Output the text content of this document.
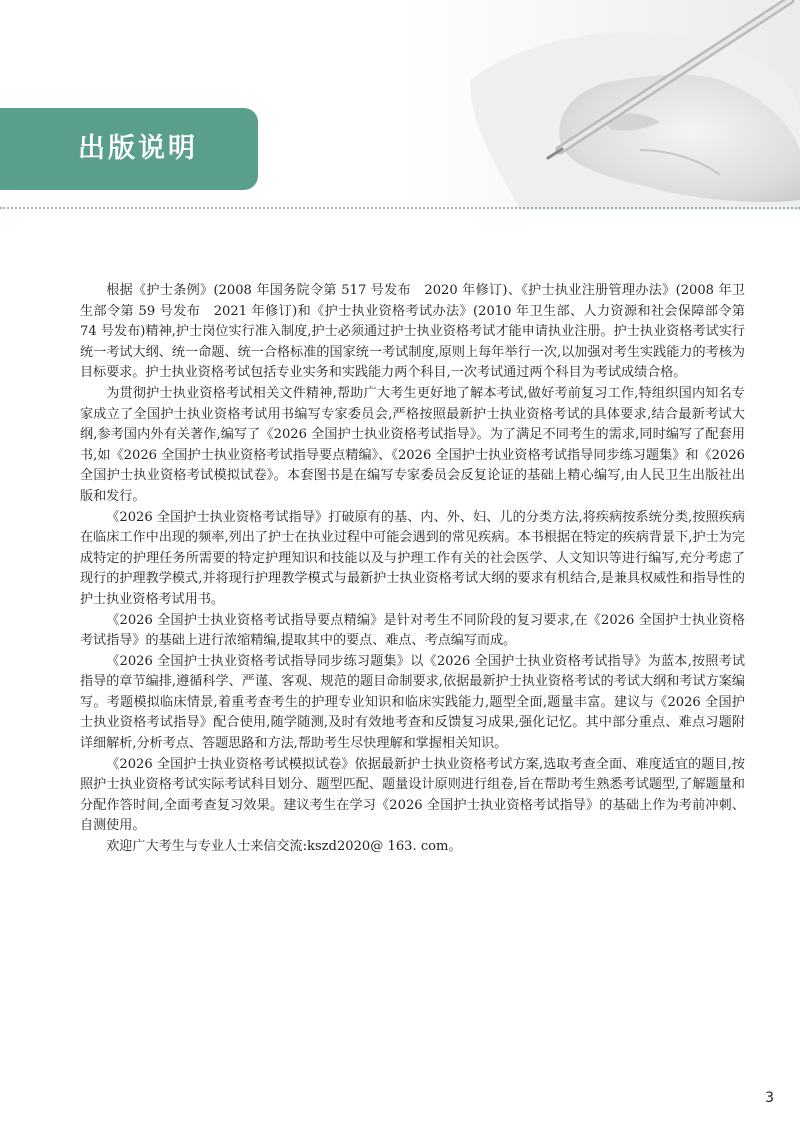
出版说明

根据《护士条例》(2008 年国务院令第 517 号发布　2020 年修订)、《护士执业注册管理办法》(2008 年卫生部令第 59 号发布　2021 年修订)和《护士执业资格考试办法》(2010 年卫生部、人力资源和社会保障部令第 74 号发布)精神,护士岗位实行准入制度,护士必须通过护士执业资格考试才能申请执业注册。护士执业资格考试实行统一考试大纲、统一命题、统一合格标准的国家统一考试制度,原则上每年举行一次,以加强对考生实践能力的考核为目标要求。护士执业资格考试包括专业实务和实践能力两个科目,一次考试通过两个科目为考试成绩合格。

为贯彻护士执业资格考试相关文件精神,帮助广大考生更好地了解本考试,做好考前复习工作,特组织国内知名专家成立了全国护士执业资格考试用书编写专家委员会,严格按照最新护士执业资格考试的具体要求,结合最新考试大纲,参考国内外有关著作,编写了《2026 全国护士执业资格考试指导》。为了满足不同考生的需求,同时编写了配套用书,如《2026 全国护士执业资格考试指导要点精编》、《2026 全国护士执业资格考试指导同步练习题集》和《2026 全国护士执业资格考试模拟试卷》。本套图书是在编写专家委员会反复论证的基础上精心编写,由人民卫生出版社出版和发行。

《2026 全国护士执业资格考试指导》打破原有的基、内、外、妇、儿的分类方法,将疾病按系统分类,按照疾病在临床工作中出现的频率,列出了护士在执业过程中可能会遇到的常见疾病。本书根据在特定的疾病背景下,护士为完成特定的护理任务所需要的特定护理知识和技能以及与护理工作有关的社会医学、人文知识等进行编写,充分考虑了现行的护理教学模式,并将现行护理教学模式与最新护士执业资格考试大纲的要求有机结合,是兼具权威性和指导性的护士执业资格考试用书。

《2026 全国护士执业资格考试指导要点精编》是针对考生不同阶段的复习要求,在《2026 全国护士执业资格考试指导》的基础上进行浓缩精编,提取其中的要点、难点、考点编写而成。

《2026 全国护士执业资格考试指导同步练习题集》以《2026 全国护士执业资格考试指导》为蓝本,按照考试指导的章节编排,遵循科学、严谨、客观、规范的题目命制要求,依据最新护士执业资格考试的考试大纲和考试方案编写。考题模拟临床情景,着重考查考生的护理专业知识和临床实践能力,题型全面,题量丰富。建议与《2026 全国护士执业资格考试指导》配合使用,随学随测,及时有效地考查和反馈复习成果,强化记忆。其中部分重点、难点习题附详细解析,分析考点、答题思路和方法,帮助考生尽快理解和掌握相关知识。

《2026 全国护士执业资格考试模拟试卷》依据最新护士执业资格考试方案,选取考查全面、难度适宜的题目,按照护士执业资格考试实际考试科目划分、题型匹配、题量设计原则进行组卷,旨在帮助考生熟悉考试题型,了解题量和分配作答时间,全面考查复习效果。建议考生在学习《2026 全国护士执业资格考试指导》的基础上作为考前冲刺、自测使用。

欢迎广大考生与专业人士来信交流:kszd2020@ 163. com。

3
